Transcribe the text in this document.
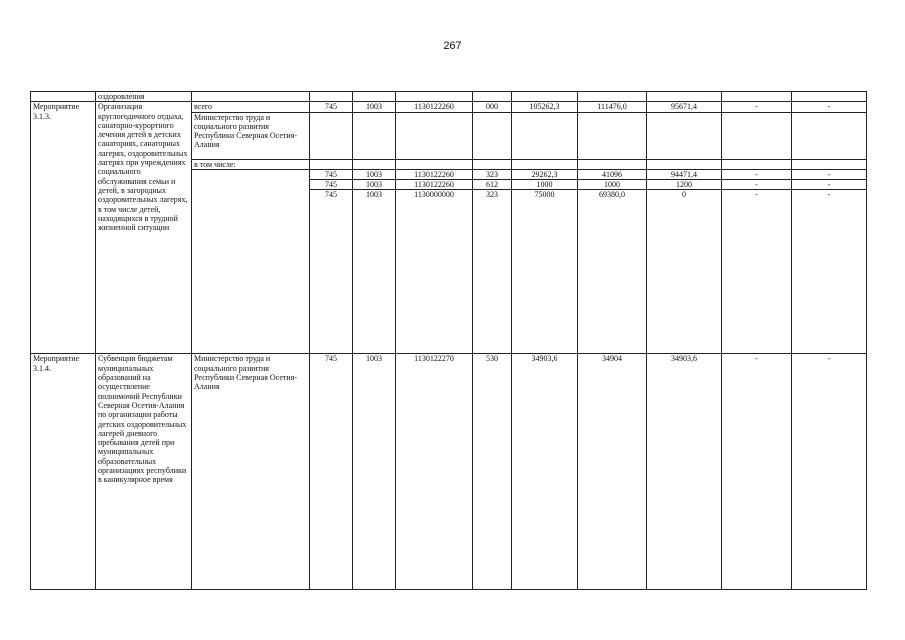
267
	оздоровления										
Мероприятие 3.1.3.	Организация круглогодичного отдыха, санаторно-курортного лечения детей в детских санаториях, санаторных лагерях, оздоровительных лагерях при учреждениях социального обслуживания семьи и детей, в загородных оздоровительных лагерях, в том числе детей, находящихся в трудной жизненной ситуации	всего	745	1003	1130122260	000	105262,3	111476,0	95671,4	-	-
		Министерство труда и социального развития Республики Северная Осетия-Алания									
		в том числе:									
			745	1003	1130122260	323	29262,3	41096	94471,4	-	-
			745	1003	1130122260	612	1000	1000	1200	-	-
			745	1003	1130000000	323	75000	69380,0	0	-	-

Мероприятие 3.1.4.	Субвенции бюджетам муниципальных образований на осуществление полномочий Республики Северная Осетия-Алания по организации работы детских оздоровительных лагерей дневного пребывания детей при муниципальных образовательных организациях республики в каникулярное время	Министерство труда и социального развития Республики Северная Осетия-Алания	745	1003	1130122270	530	34903,6	34904	34903,6	-	-
